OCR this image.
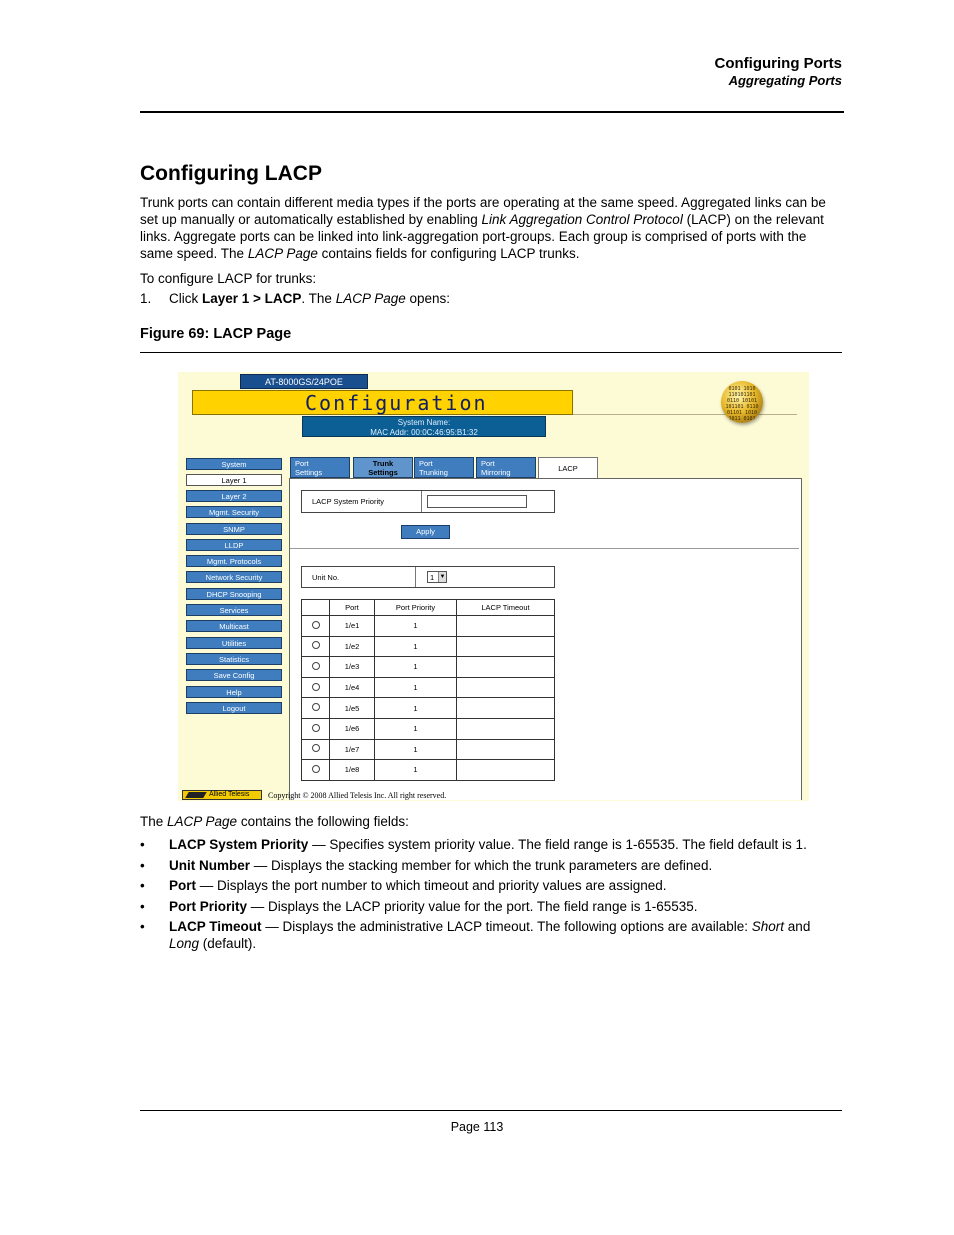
Configuring Ports
Aggregating Ports
Configuring LACP
Trunk ports can contain different media types if the ports are operating at the same speed. Aggregated links can be set up manually or automatically established by enabling Link Aggregation Control Protocol (LACP) on the relevant links. Aggregate ports can be linked into link-aggregation port-groups. Each group is comprised of ports with the same speed. The LACP Page contains fields for configuring LACP trunks.
To configure LACP for trunks:
1. Click Layer 1 > LACP. The LACP Page opens:
Figure 69: LACP Page
AT-8000GS/24POE
Configuration
System Name:
MAC Addr: 00:0C:46:95:B1:32
0101 1010
110101101
0110 10101
101101 0110
01101 1010
1011 0101
System
Layer 1
Layer 2
Mgmt. Security
SNMP
LLDP
Mgmt. Protocols
Network Security
DHCP Snooping
Services
Multicast
Utilities
Statistics
Save Config
Help
Logout
Port
Settings
Trunk
Settings
Port
Trunking
Port
Mirroring	LACP
LACP System Priority
Apply
Unit No.	1 ▼
	Port	Port Priority	LACP Timeout
	1/e1	1	
	1/e2	1	
	1/e3	1	
	1/e4	1	
	1/e5	1	
	1/e6	1	
	1/e7	1	
	1/e8	1	
Allied Telesis	Copyright © 2008 Allied Telesis Inc. All right reserved.
The LACP Page contains the following fields:
• LACP System Priority — Specifies system priority value. The field range is 1-65535. The field default is 1.
• Unit Number — Displays the stacking member for which the trunk parameters are defined.
• Port — Displays the port number to which timeout and priority values are assigned.
• Port Priority — Displays the LACP priority value for the port. The field range is 1-65535.
• LACP Timeout — Displays the administrative LACP timeout. The following options are available: Short and Long (default).
Page 113
